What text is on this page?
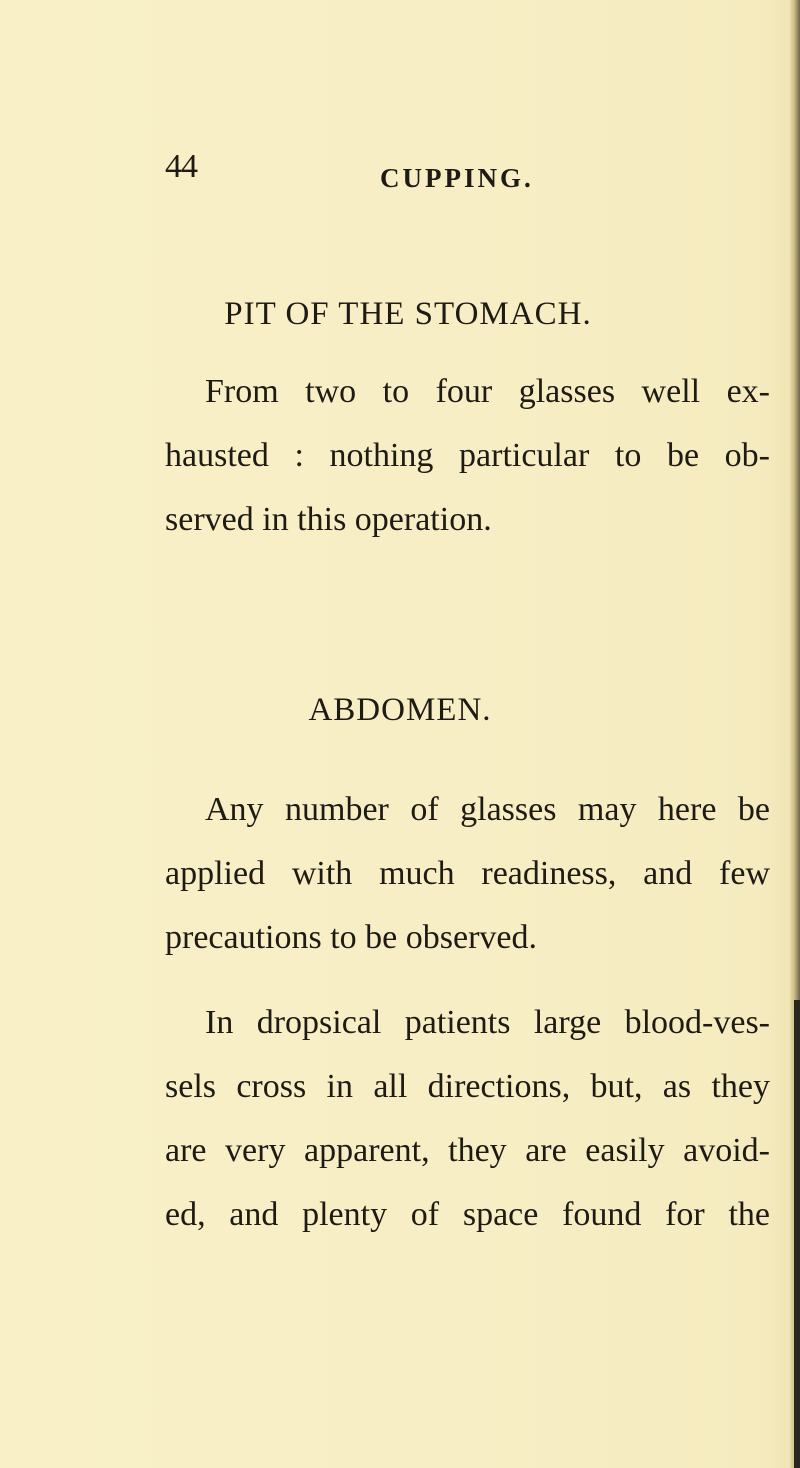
44	CUPPING.
PIT OF THE STOMACH.
From two to four glasses well ex-
hausted : nothing particular to be ob-
served in this operation.
ABDOMEN.
Any number of glasses may here be
applied with much readiness, and few
precautions to be observed.
In dropsical patients large blood-ves-
sels cross in all directions, but, as they
are very apparent, they are easily avoid-
ed, and plenty of space found for the
